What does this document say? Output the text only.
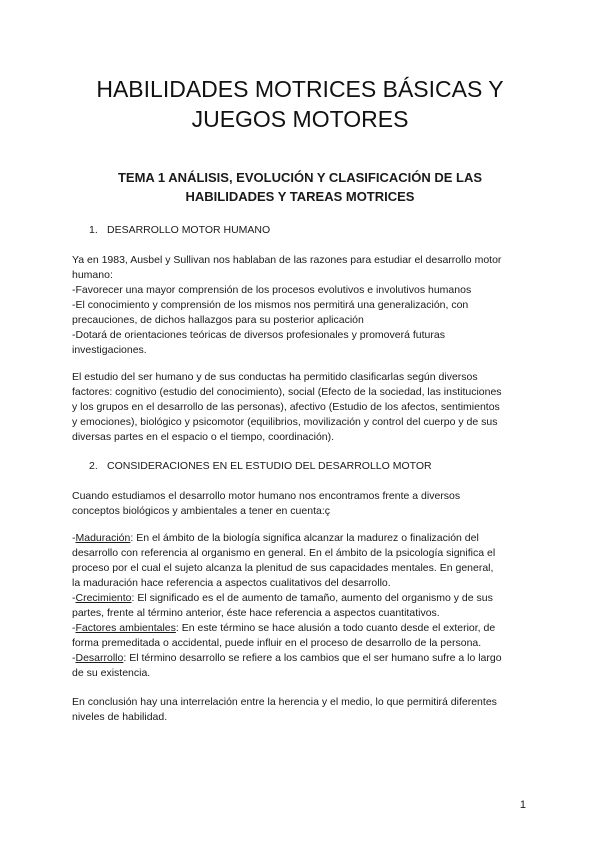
HABILIDADES MOTRICES BÁSICAS Y
JUEGOS MOTORES
TEMA 1 ANÁLISIS, EVOLUCIÓN Y CLASIFICACIÓN DE LAS
HABILIDADES Y TAREAS MOTRICES
1. DESARROLLO MOTOR HUMANO

Ya en 1983, Ausbel y Sullivan nos hablaban de las razones para estudiar el desarrollo motor
humano:
-Favorecer una mayor comprensión de los procesos evolutivos e involutivos humanos
-El conocimiento y comprensión de los mismos nos permitirá una generalización, con
precauciones, de dichos hallazgos para su posterior aplicación
-Dotará de orientaciones teóricas de diversos profesionales y promoverá futuras
investigaciones.

El estudio del ser humano y de sus conductas ha permitido clasificarlas según diversos
factores: cognitivo (estudio del conocimiento), social (Efecto de la sociedad, las instituciones
y los grupos en el desarrollo de las personas), afectivo (Estudio de los afectos, sentimientos
y emociones), biológico y psicomotor (equilibrios, movilización y control del cuerpo y de sus
diversas partes en el espacio o el tiempo, coordinación).

2. CONSIDERACIONES EN EL ESTUDIO DEL DESARROLLO MOTOR

Cuando estudiamos el desarrollo motor humano nos encontramos frente a diversos
conceptos biológicos y ambientales a tener en cuenta:ç

-Maduración: En el ámbito de la biología significa alcanzar la madurez o finalización del
desarrollo con referencia al organismo en general. En el ámbito de la psicología significa el
proceso por el cual el sujeto alcanza la plenitud de sus capacidades mentales. En general,
la maduración hace referencia a aspectos cualitativos del desarrollo.
-Crecimiento: El significado es el de aumento de tamaño, aumento del organismo y de sus
partes, frente al término anterior, éste hace referencia a aspectos cuantitativos.
-Factores ambientales: En este término se hace alusión a todo cuanto desde el exterior, de
forma premeditada o accidental, puede influir en el proceso de desarrollo de la persona.
-Desarrollo: El término desarrollo se refiere a los cambios que el ser humano sufre a lo largo
de su existencia.

En conclusión hay una interrelación entre la herencia y el medio, lo que permitirá diferentes
niveles de habilidad.

1
